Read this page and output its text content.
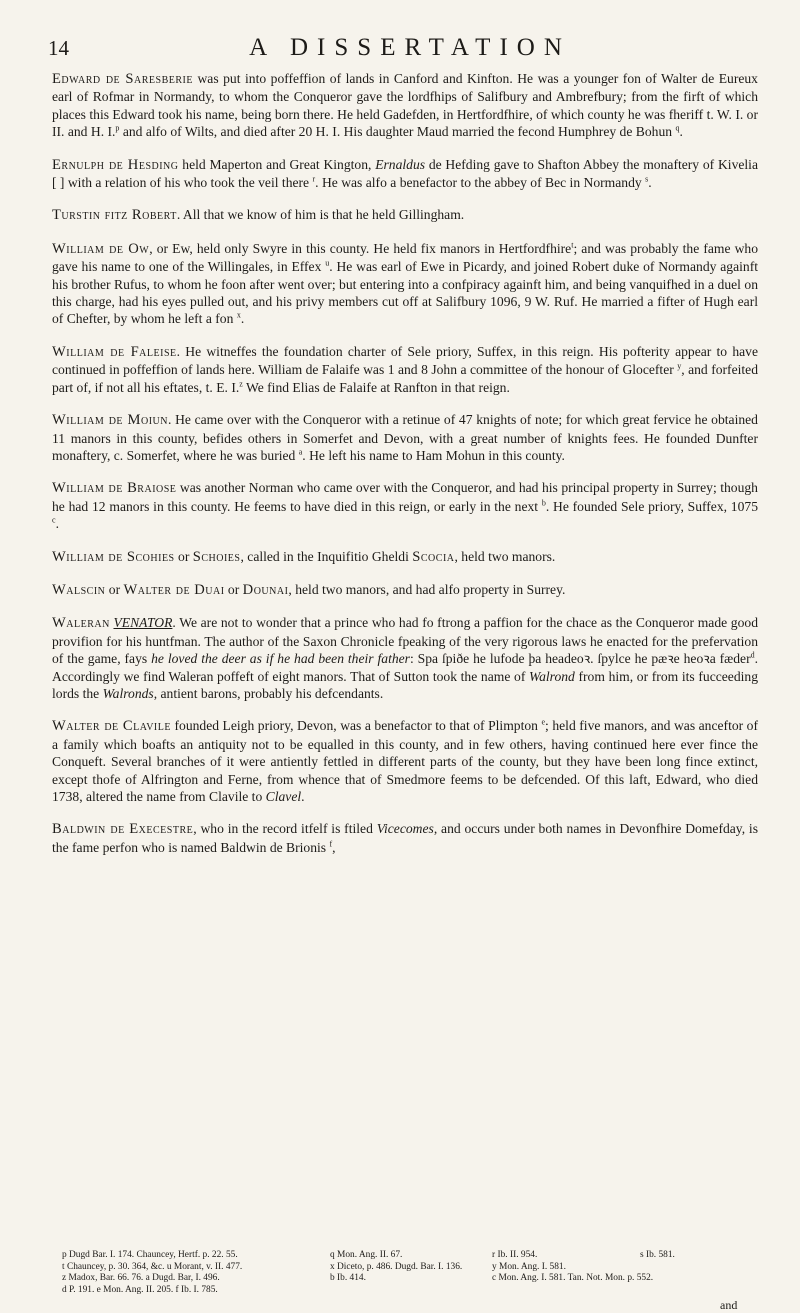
14	A DISSERTATION

Edward de Saresberie was put into poffeffion of lands in Canford and Kinfton. He was a younger fon of Walter de Eureux earl of Rofmar in Normandy, to whom the Conqueror gave the lordfhips of Salifbury and Ambrefbury; from the firft of which places this Edward took his name, being born there. He held Gadefden, in Hertfordfhire, of which county he was fheriff t. W. I. or II. and H. I.$^p$ and alfo of Wilts, and died after 20 H. I. His daughter Maud married the fecond Humphrey de Bohun $^q$.

Ernulph de Hesding held Maperton and Great Kington, Ernaldus de Hefding gave to Shafton Abbey the monaftery of Kivelia [ ] with a relation of his who took the veil there $^r$. He was alfo a benefactor to the abbey of Bec in Normandy $^s$.

Turstin fitz Robert. All that we know of him is that he held Gillingham.

William de Ow, or Ew, held only Swyre in this county. He held fix manors in Hertfordfhire$^t$; and was probably the fame who gave his name to one of the Willingales, in Effex $^u$. He was earl of Ewe in Picardy, and joined Robert duke of Normandy againft his brother Rufus, to whom he foon after went over; but entering into a confpiracy againft him, and being vanquifhed in a duel on this charge, had his eyes pulled out, and his privy members cut off at Salifbury 1096, 9 W. Ruf. He married a fifter of Hugh earl of Chefter, by whom he left a fon $^x$.

William de Faleise. He witneffes the foundation charter of Sele priory, Suffex, in this reign. His pofterity appear to have continued in poffeffion of lands here. William de Falaife was 1 and 8 John a committee of the honour of Glocefter $^y$, and forfeited part of, if not all his eftates, t. E. I.$^z$ We find Elias de Falaife at Ranfton in that reign.

William de Moiun. He came over with the Conqueror with a retinue of 47 knights of note; for which great fervice he obtained 11 manors in this county, befides others in Somerfet and Devon, with a great number of knights fees. He founded Dunfter monaftery, c. Somerfet, where he was buried $^a$. He left his name to Ham Mohun in this county.

William de Braiose was another Norman who came over with the Conqueror, and had his principal property in Surrey; though he had 12 manors in this county. He feems to have died in this reign, or early in the next $^b$. He founded Sele priory, Suffex, 1075 $^c$.

William de Scohies or Schoies, called in the Inquifitio Gheldi Scocia, held two manors.

Walscin or Walter de Duai or Dounai, held two manors, and had alfo property in Surrey.

Waleran VENATOR. We are not to wonder that a prince who had fo ftrong a paffion for the chace as the Conqueror made good provifion for his huntfman. The author of the Saxon Chronicle fpeaking of the very rigorous laws he enacted for the prefervation of the game, fays he loved the deer as if he had been their father: Spa ſpiðe he lufode þa headeoꝛ. ſpylce he pæꝛe heoꝛa fæder$^d$. Accordingly we find Waleran poffeft of eight manors. That of Sutton took the name of Walrond from him, or from its fucceeding lords the Walronds, antient barons, probably his defcendants.

Walter de Clavile founded Leigh priory, Devon, was a benefactor to that of Plimpton $^e$; held five manors, and was anceftor of a family which boafts an antiquity not to be equalled in this county, and in few others, having continued here ever fince the Conqueft. Several branches of it were antiently fettled in different parts of the county, but they have been long fince extinct, except thofe of Alfrington and Ferne, from whence that of Smedmore feems to be defcended. Of this laft, Edward, who died 1738, altered the name from Clavile to Clavel.

Baldwin de Execestre, who in the record itfelf is ftiled Vicecomes, and occurs under both names in Devonfhire Domefday, is the fame perfon who is named Baldwin de Brionis $^f$,

p Dugd Bar. I. 174. Chauncey, Hertf. p. 22. 55.	q Mon. Ang. II. 67.	r Ib. II. 954.	s Ib. 581.
t Chauncey, p. 30. 364, &c. u Morant, v. II. 477.	x Diceto, p. 486. Dugd. Bar. I. 136.	y Mon. Ang. I. 581.
z Madox, Bar. 66. 76. a Dugd. Bar, I. 496.	b Ib. 414.	c Mon. Ang. I. 581. Tan. Not. Mon. p. 552.
d P. 191. e Mon. Ang. II. 205. f Ib. I. 785.
and
